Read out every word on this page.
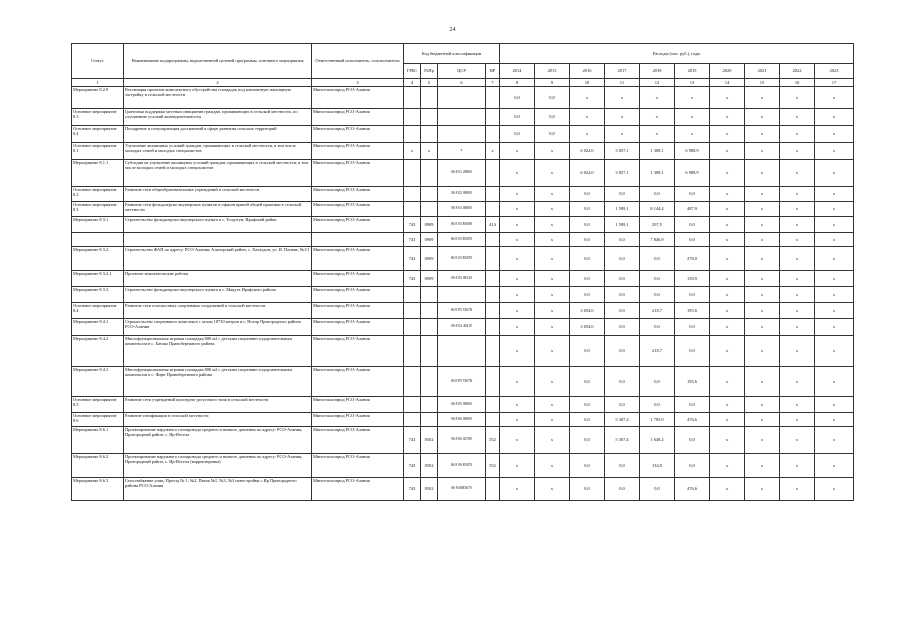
24
Статус	Наименование подпрограммы, ведомственной целевой программы, основного мероприятия	Ответственный исполнитель, соисполнители	Код бюджетной классификации				Расходы (тыс. руб.), годы									
			ГРБС	РзПр	ЦСР	ВР	2014	2015	2016	2017	2018	2019	2020	2021	2022	2023
1	2	3	4	5	6	7	8	9	10	11	12	13	14	15	16	17
Мероприятие 8.2.9	Реализация проектов комплексного обустройства площадок под компактную жилищную застройку в сельской местности	Минсельхозпрод РСО-Алания					0,0	0,0	х	х	х	х	х	х	х	х
Основное мероприятие 8.3	Грантовая поддержка местных инициатив граждан, проживающих в сельской местности, по улучшению условий жизнедеятельности	Минсельхозпрод РСО-Алания					0,0	0,0	х	х	х	х	х	х	х	х
Основное мероприятие 8.4	Поощрение и популяризация достижений в сфере развития сельских территорий	Минсельхозпрод РСО-Алания					0,0	0,0	х	х	х	х	х	х	х	х
Основное мероприятие 8.1	Улучшение жилищных условий граждан, проживающих в сельской местности, в том числе молодых семей и молодых специалистов	Минсельхозпрод РСО-Алания	х	х	х	х	х	х	6 022,0	3 857,1	1 308,1	6 988,9	х	х	х	х
Мероприятие 8.1.1	Субсидия на улучшение жилищных условий граждан, проживающих в сельской местности, в том числе молодых семей и молодых специалистов	Минсельхозпрод РСО-Алания			06 8 01 20860		х	х	6 022,0	3 857,1	1 308,1	6 988,9	х	х	х	х
Основное мероприятие 8.2	Развитие сети общеобразовательных учреждений в сельской местности	Минсельхозпрод РСО-Алания			06 8 02 00000		х	х	0,0	0,0	0,0	0,0	х	х	х	х
Основное мероприятие 8.3	Развитие сети фельдшерско-акушерских пунктов и офисов врачей общей практики в сельской местности	Минсельхозпрод РСО-Алания			06 8 03 00000		х	х	0,0	1 589,1	8 144,4	487,9	х	х	х	х
Мероприятие 8.3.1	Строительство фельдшерско-акушерского пункта в с. Толдзгун, Ирафский район	Минсельхозпрод РСО-Алания	743	0909	06 8 03 R0180	414	х	х	0,0	1 589,1	297,5	0,0	х	х	х	х
			743	0909	06 8 03 R5670		х	х	0,0	0,0	7 846,9	0,0	х	х	х	х
Мероприятие 8.3.2.	Строительство ФАП по адресу: РСО-Алания, Алагирский район, с. Хаталдон, ул. И. Плиева, №1/1	Минсельхозпрод РСО-Алания	743	0909	06 8 03 R5670		х	х	0,0	0,0	0,0	278,0	х	х	х	х
Мероприятие 8.3.2.1.	Проектно-изыскательские работы	Минсельхозпрод РСО-Алания	743	0909	06 8 03 08120		х	х	0,0	0,0	0,0	139,9	х	х	х	х
Мероприятие 8.3.3.	Строительство фельдшерско-акушерского пункта в с. Мацута Ирафского района	Минсельхозпрод РСО-Алания					х	х	0,0	0,0	0,0	0,0	х	х	х	х
Основное мероприятие 8.4	Развитие сети плоскостных спортивных сооружений в сельской местности	Минсельхозпрод РСО-Алания			06 8 Р5 5567К		х	х	3 054,0	0,0	218,7	195,6	х	х	х	х
Мероприятие 8.4.1	Строительство спортивного комплекса с залом 18*30 метров в с. Ногир Пригородного района РСО-Алания	Минсельхозпрод РСО-Алания			06 8 04 40410		х	х	3 054,0	0,0	0,0	0,0	х	х	х	х
Мероприятие 8.4.2	Многофункциональная игровая площадка 800 м2 с детским спортивно-оздоровительным комплексом в с. Батако Правобережного района	Минсельхозпрод РСО-Алания					х	х	0,0	0,0	218,7	0,0	х	х	х	х
Мероприятие 8.4.3	Многофункциональная игровая площадка 800 м2 с детским спортивно-оздоровительным комплексом в с. Фарн Правобережного района	Минсельхозпрод РСО-Алания			06 8 Р5 5567К		х	х	0,0	0,0	0,0	195,6	х	х	х	х
Основное мероприятие 8.5	Развитие сети учреждений культурно-досугового типа в сельской местности	Минсельхозпрод РСО-Алания			06 8 05 00000		х	х	0,0	0,0	0,0	0,0	х	х	х	х
Основное мероприятие 8.6	Развитие газификации в сельской местности	Минсельхозпрод РСО-Алания			06 8 06 00000		х	х	0,0	5 307,4	1 783,9	476,6	х	х	х	х
Мероприятие 8.6.1	Проектирование наружного газопровода среднего и низкого давления по адресу: РСО-Алания, Пригородный район, с. Ир-Весела	Минсельхозпрод РСО-Алания	743	0502	06 8 06 02780	552	х	х	0,0	5 307,4	1 648,2	0,0	х	х	х	х
Мероприятие 8.6.2	Проектирование наружного газопровода среднего и низкого давления по адресу: РСО-Алания, Пригородный район, с. Ир-Весела (корректировка)	Минсельхозпрод РСО-Алания	743	0502	06 8 06 R5670	552	х	х	0,0	0,0	134,8	0,0	х	х	х	х
Мероприятие 8.6.3	Газоснабжение улиц: Проезд № 1, №2, Пятая №1, №3, №3 новостройки с.Ир Пригородного района РСО-Алания	Минсельхозпрод РСО-Алания	743	0502	06 8 06R5670		х	х	0,0	0,0	0,0	476,6	х	х	х	х
